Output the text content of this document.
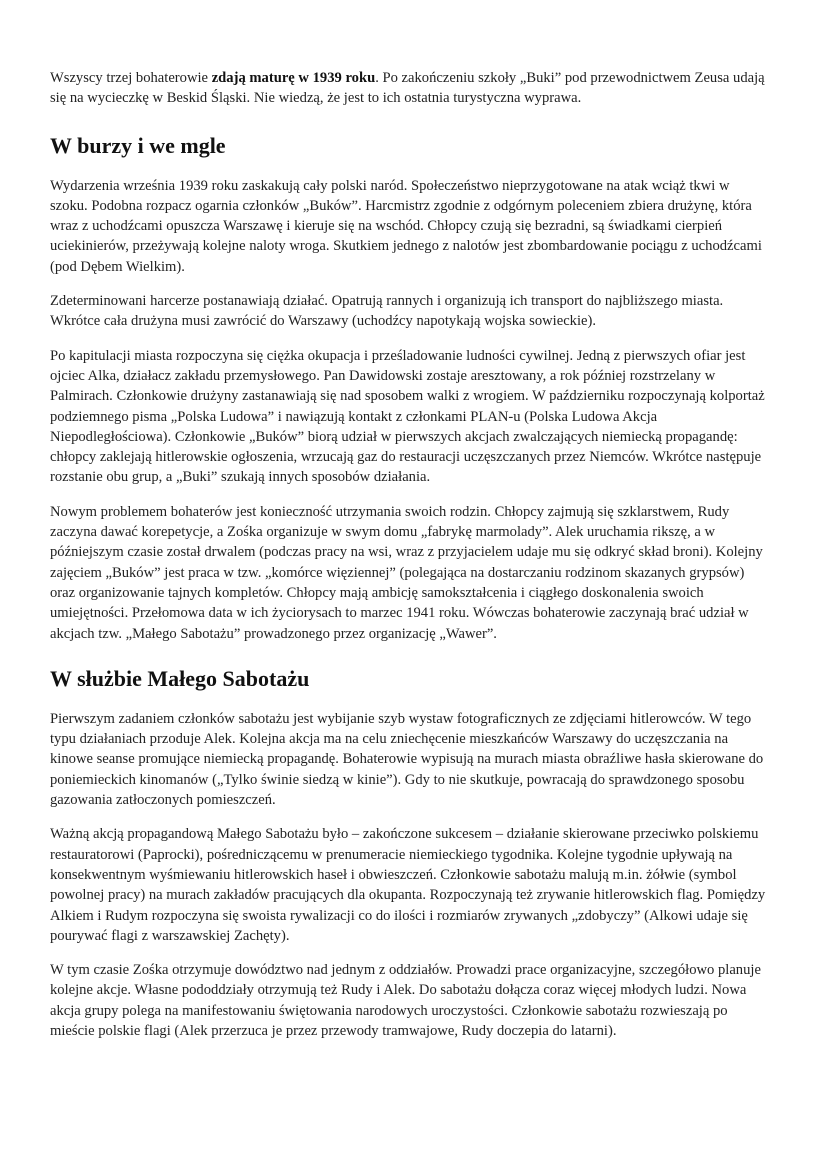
Wszyscy trzej bohaterowie zdają maturę w 1939 roku. Po zakończeniu szkoły „Buki” pod przewodnictwem Zeusa udają się na wycieczkę w Beskid Śląski. Nie wiedzą, że jest to ich ostatnia turystyczna wyprawa.

W burzy i we mgle

Wydarzenia września 1939 roku zaskakują cały polski naród. Społeczeństwo nieprzygotowane na atak wciąż tkwi w szoku. Podobna rozpacz ogarnia członków „Buków”. Harcmistrz zgodnie z odgórnym poleceniem zbiera drużynę, która wraz z uchodźcami opuszcza Warszawę i kieruje się na wschód. Chłopcy czują się bezradni, są świadkami cierpień uciekinierów, przeżywają kolejne naloty wroga. Skutkiem jednego z nalotów jest zbombardowanie pociągu z uchodźcami (pod Dębem Wielkim).

Zdeterminowani harcerze postanawiają działać. Opatrują rannych i organizują ich transport do najbliższego miasta. Wkrótce cała drużyna musi zawrócić do Warszawy (uchodźcy napotykają wojska sowieckie).

Po kapitulacji miasta rozpoczyna się ciężka okupacja i prześladowanie ludności cywilnej. Jedną z pierwszych ofiar jest ojciec Alka, działacz zakładu przemysłowego. Pan Dawidowski zostaje aresztowany, a rok później rozstrzelany w Palmirach. Członkowie drużyny zastanawiają się nad sposobem walki z wrogiem. W październiku rozpoczynają kolportaż podziemnego pisma „Polska Ludowa” i nawiązują kontakt z członkami PLAN-u (Polska Ludowa Akcja Niepodległościowa). Członkowie „Buków” biorą udział w pierwszych akcjach zwalczających niemiecką propagandę: chłopcy zaklejają hitlerowskie ogłoszenia, wrzucają gaz do restauracji uczęszczanych przez Niemców. Wkrótce następuje rozstanie obu grup, a „Buki” szukają innych sposobów działania.

Nowym problemem bohaterów jest konieczność utrzymania swoich rodzin. Chłopcy zajmują się szklarstwem, Rudy zaczyna dawać korepetycje, a Zośka organizuje w swym domu „fabrykę marmolady”. Alek uruchamia rikszę, a w późniejszym czasie został drwalem (podczas pracy na wsi, wraz z przyjacielem udaje mu się odkryć skład broni). Kolejny zajęciem „Buków” jest praca w tzw. „komórce więziennej” (polegająca na dostarczaniu rodzinom skazanych grypsów) oraz organizowanie tajnych kompletów. Chłopcy mają ambicję samokształcenia i ciągłego doskonalenia swoich umiejętności. Przełomowa data w ich życiorysach to marzec 1941 roku. Wówczas bohaterowie zaczynają brać udział w akcjach tzw. „Małego Sabotażu” prowadzonego przez organizację „Wawer”.

W służbie Małego Sabotażu

Pierwszym zadaniem członków sabotażu jest wybijanie szyb wystaw fotograficznych ze zdjęciami hitlerowców. W tego typu działaniach przoduje Alek. Kolejna akcja ma na celu zniechęcenie mieszkańców Warszawy do uczęszczania na kinowe seanse promujące niemiecką propagandę. Bohaterowie wypisują na murach miasta obraźliwe hasła skierowane do poniemieckich kinomanów („Tylko świnie siedzą w kinie”). Gdy to nie skutkuje, powracają do sprawdzonego sposobu gazowania zatłoczonych pomieszczeń.

Ważną akcją propagandową Małego Sabotażu było – zakończone sukcesem – działanie skierowane przeciwko polskiemu restauratorowi (Paprocki), pośredniczącemu w prenumeracie niemieckiego tygodnika. Kolejne tygodnie upływają na konsekwentnym wyśmiewaniu hitlerowskich haseł i obwieszczeń. Członkowie sabotażu malują m.in. żółwie (symbol powolnej pracy) na murach zakładów pracujących dla okupanta. Rozpoczynają też zrywanie hitlerowskich flag. Pomiędzy Alkiem i Rudym rozpoczyna się swoista rywalizacji co do ilości i rozmiarów zrywanych „zdobyczy” (Alkowi udaje się pourywać flagi z warszawskiej Zachęty).

W tym czasie Zośka otrzymuje dowództwo nad jednym z oddziałów. Prowadzi prace organizacyjne, szczegółowo planuje kolejne akcje. Własne pododdziały otrzymują też Rudy i Alek. Do sabotażu dołącza coraz więcej młodych ludzi. Nowa akcja grupy polega na manifestowaniu świętowania narodowych uroczystości. Członkowie sabotażu rozwieszają po mieście polskie flagi (Alek przerzuca je przez przewody tramwajowe, Rudy doczepia do latarni).
